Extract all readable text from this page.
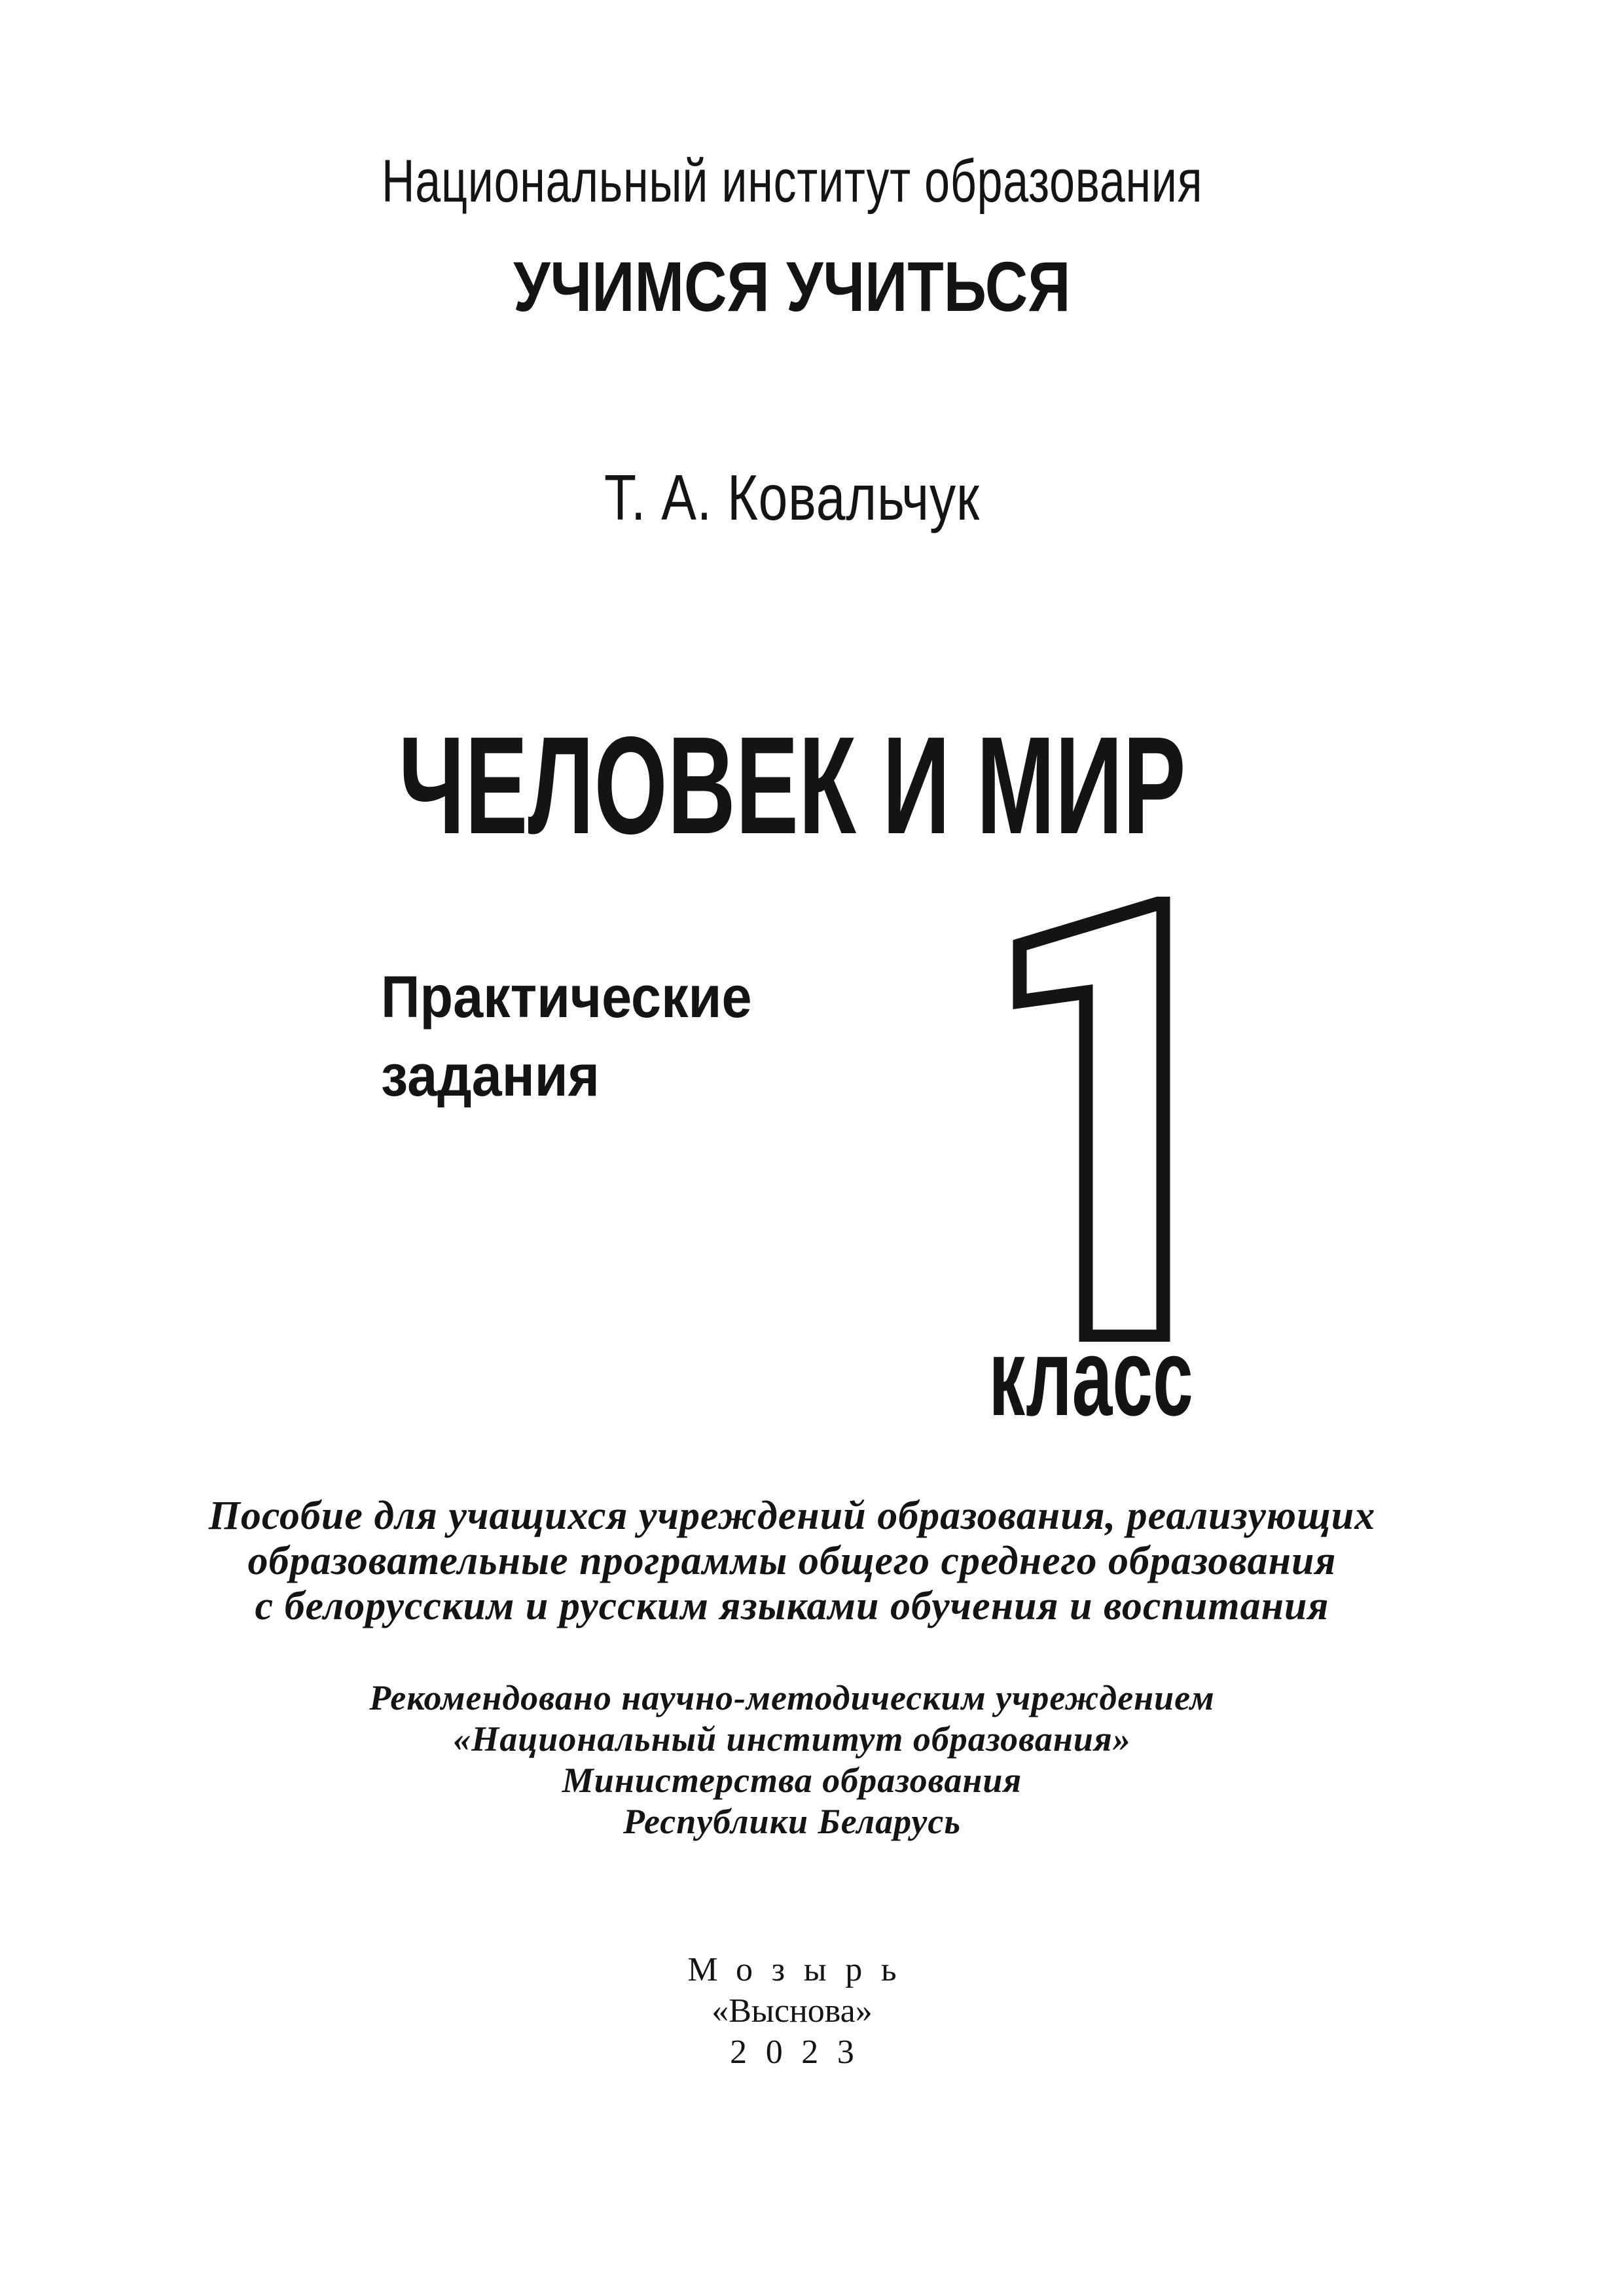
Национальный институт образования
УЧИМСЯ УЧИТЬСЯ
Т. А. Ковальчук
ЧЕЛОВЕК И МИР
Практические
задания
класс
Пособие для учащихся учреждений образования, реализующих
образовательные программы общего среднего образования
с белорусским и русским языками обучения и воспитания
Рекомендовано научно-методическим учреждением
«Национальный институт образования»
Министерства образования
Республики Беларусь
Мозырь
«Выснова»
2023
